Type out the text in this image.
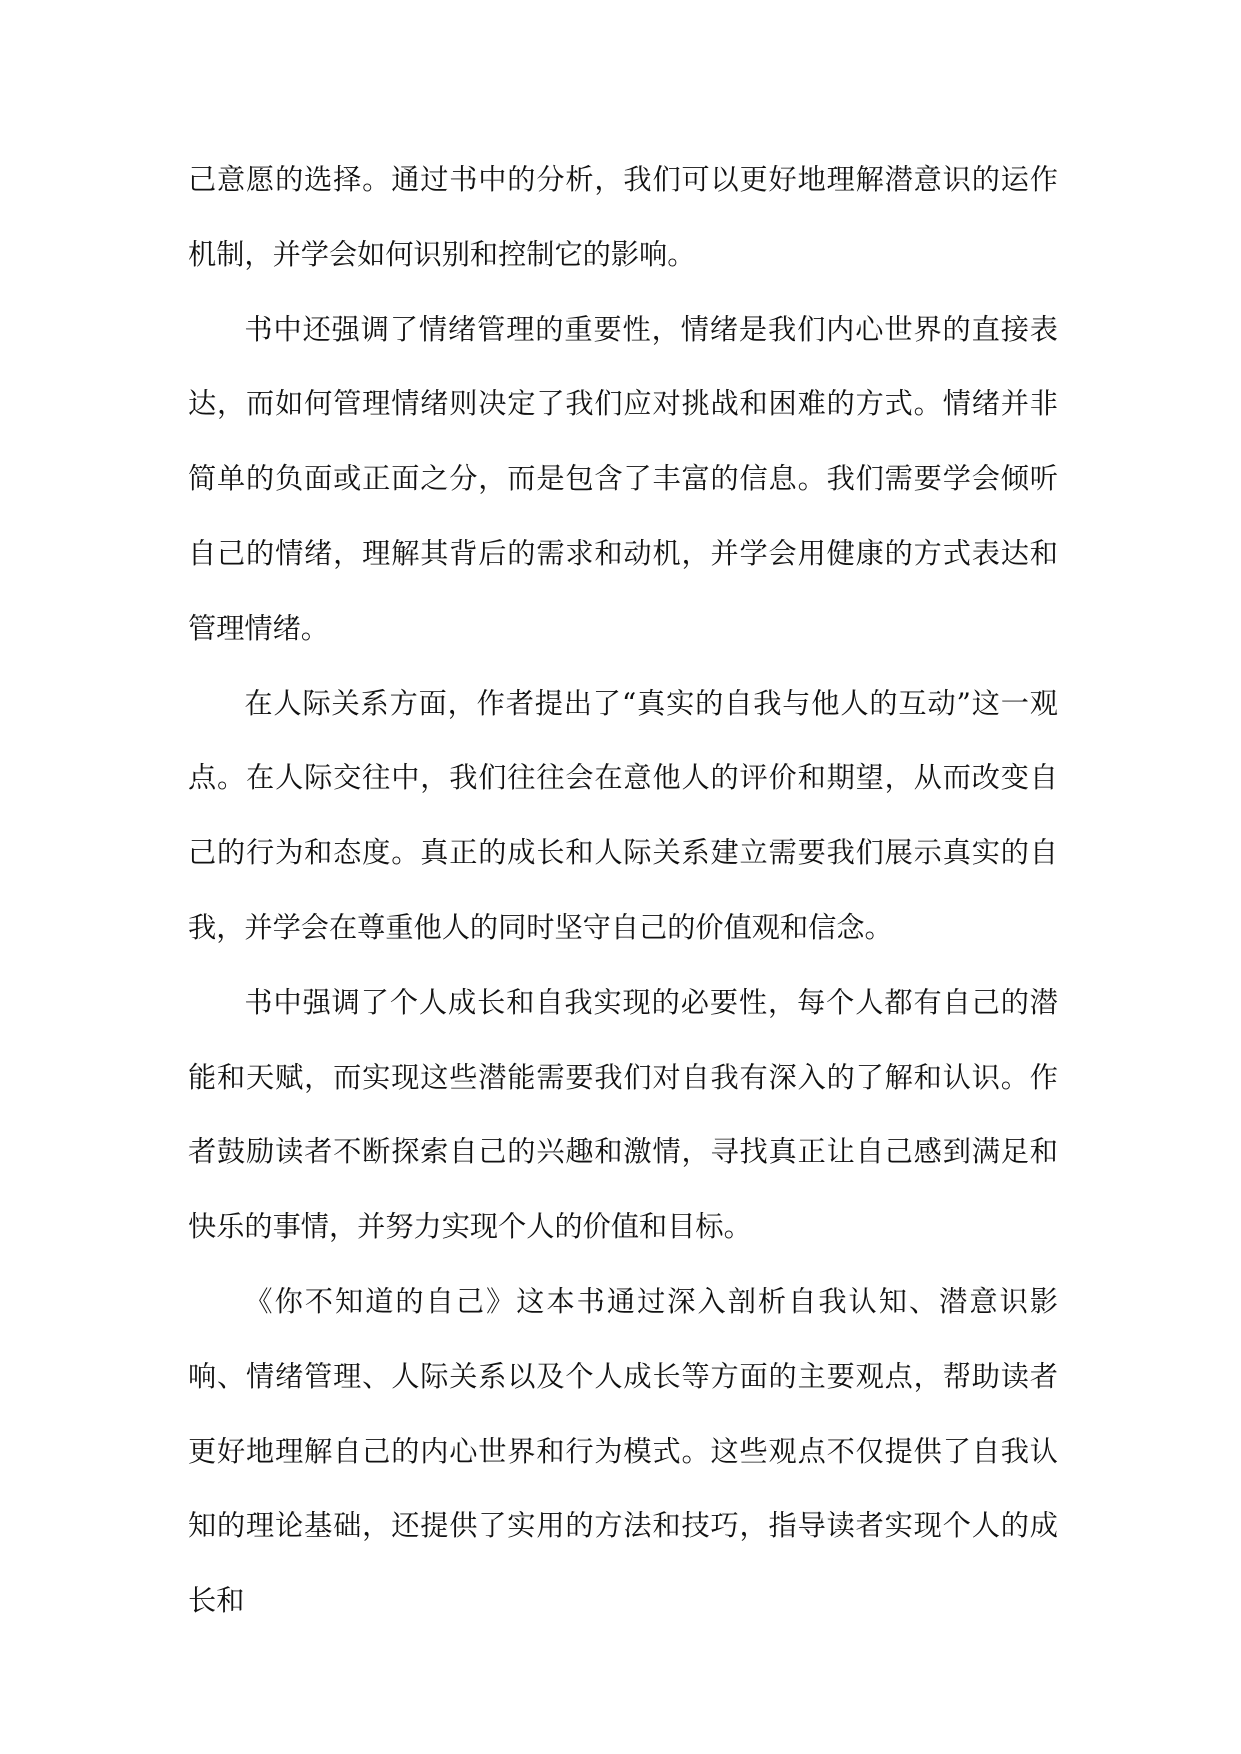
己意愿的选择。通过书中的分析，我们可以更好地理解潜意识的运作机制，并学会如何识别和控制它的影响。

书中还强调了情绪管理的重要性，情绪是我们内心世界的直接表达，而如何管理情绪则决定了我们应对挑战和困难的方式。情绪并非简单的负面或正面之分，而是包含了丰富的信息。我们需要学会倾听自己的情绪，理解其背后的需求和动机，并学会用健康的方式表达和管理情绪。

在人际关系方面，作者提出了“真实的自我与他人的互动”这一观点。在人际交往中，我们往往会在意他人的评价和期望，从而改变自己的行为和态度。真正的成长和人际关系建立需要我们展示真实的自我，并学会在尊重他人的同时坚守自己的价值观和信念。

书中强调了个人成长和自我实现的必要性，每个人都有自己的潜能和天赋，而实现这些潜能需要我们对自我有深入的了解和认识。作者鼓励读者不断探索自己的兴趣和激情，寻找真正让自己感到满足和快乐的事情，并努力实现个人的价值和目标。

《你不知道的自己》这本书通过深入剖析自我认知、潜意识影响、情绪管理、人际关系以及个人成长等方面的主要观点，帮助读者更好地理解自己的内心世界和行为模式。这些观点不仅提供了自我认知的理论基础，还提供了实用的方法和技巧，指导读者实现个人的成长和
